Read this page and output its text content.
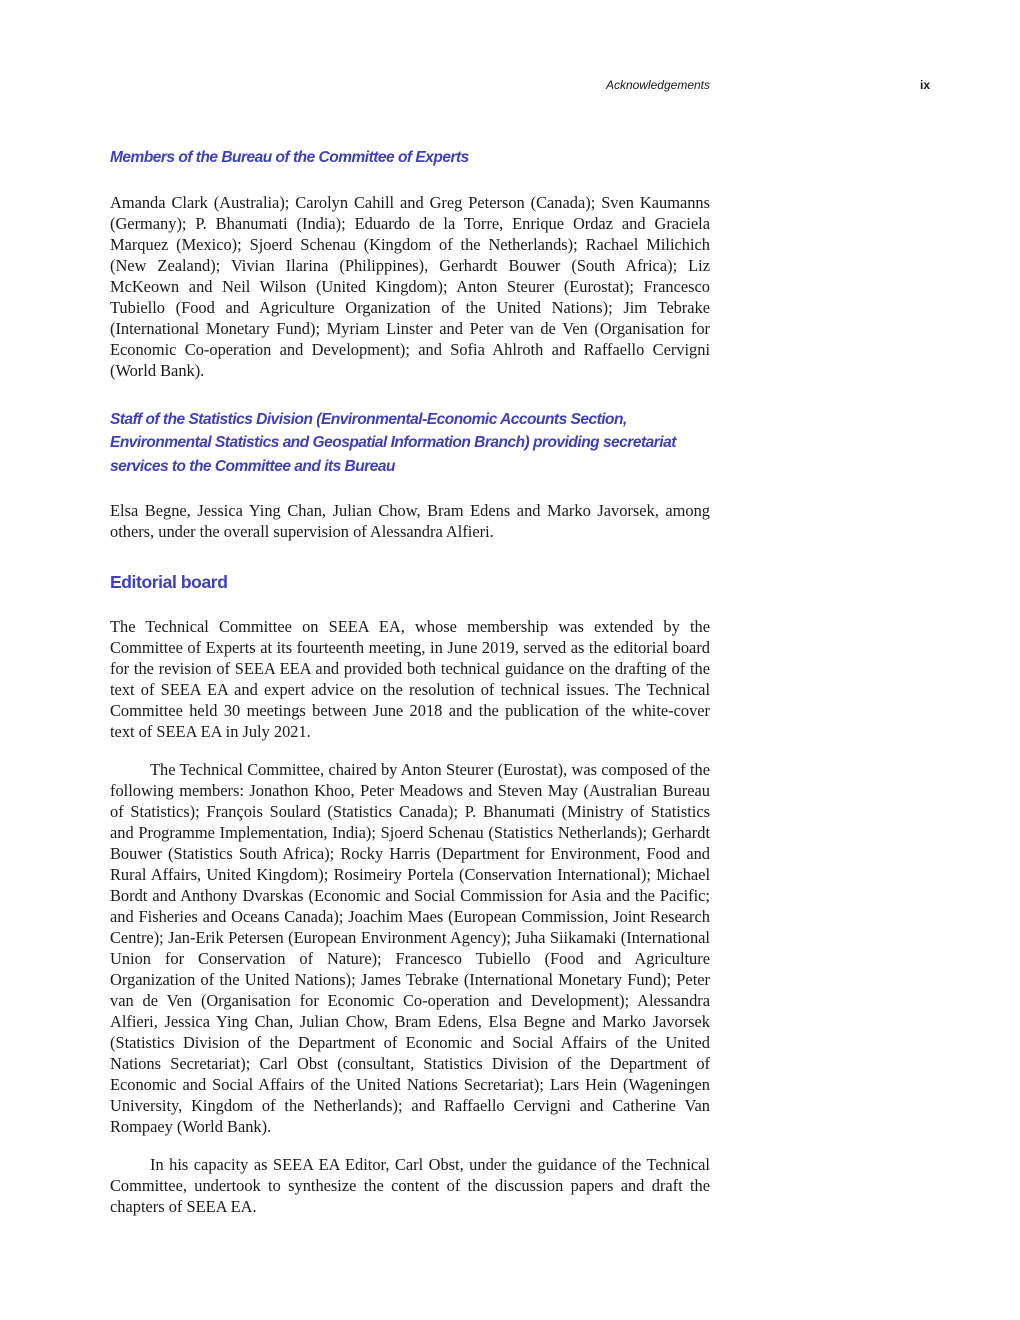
Acknowledgements	ix
Members of the Bureau of the Committee of Experts

Amanda Clark (Australia); Carolyn Cahill and Greg Peterson (Canada); Sven Kaumanns (Germany); P. Bhanumati (India); Eduardo de la Torre, Enrique Ordaz and Graciela Marquez (Mexico); Sjoerd Schenau (Kingdom of the Netherlands); Rachael Milichich (New Zealand); Vivian Ilarina (Philippines), Gerhardt Bouwer (South Africa); Liz McKeown and Neil Wilson (United Kingdom); Anton Steurer (Eurostat); Francesco Tubiello (Food and Agriculture Organization of the United Nations); Jim Tebrake (International Monetary Fund); Myriam Linster and Peter van de Ven (Organisation for Economic Co-operation and Development); and Sofia Ahlroth and Raffaello Cervigni (World Bank).

Staff of the Statistics Division (Environmental-Economic Accounts Section, Environmental Statistics and Geospatial Information Branch) providing secretariat services to the Committee and its Bureau

Elsa Begne, Jessica Ying Chan, Julian Chow, Bram Edens and Marko Javorsek, among others, under the overall supervision of Alessandra Alfieri.

Editorial board

The Technical Committee on SEEA EA, whose membership was extended by the Committee of Experts at its fourteenth meeting, in June 2019, served as the editorial board for the revision of SEEA EEA and provided both technical guidance on the drafting of the text of SEEA EA and expert advice on the resolution of technical issues. The Technical Committee held 30 meetings between June 2018 and the publication of the white-cover text of SEEA EA in July 2021.

The Technical Committee, chaired by Anton Steurer (Eurostat), was composed of the following members: Jonathon Khoo, Peter Meadows and Steven May (Australian Bureau of Statistics); François Soulard (Statistics Canada); P. Bhanumati (Ministry of Statistics and Programme Implementation, India); Sjoerd Schenau (Statistics Netherlands); Gerhardt Bouwer (Statistics South Africa); Rocky Harris (Department for Environment, Food and Rural Affairs, United Kingdom); Rosimeiry Portela (Conservation International); Michael Bordt and Anthony Dvarskas (Economic and Social Commission for Asia and the Pacific; and Fisheries and Oceans Canada); Joachim Maes (European Commission, Joint Research Centre); Jan-Erik Petersen (European Environment Agency); Juha Siikamaki (International Union for Conservation of Nature); Francesco Tubiello (Food and Agriculture Organization of the United Nations); James Tebrake (International Monetary Fund); Peter van de Ven (Organisation for Economic Co-operation and Development); Alessandra Alfieri, Jessica Ying Chan, Julian Chow, Bram Edens, Elsa Begne and Marko Javorsek (Statistics Division of the Department of Economic and Social Affairs of the United Nations Secretariat); Carl Obst (consultant, Statistics Division of the Department of Economic and Social Affairs of the United Nations Secretariat); Lars Hein (Wageningen University, Kingdom of the Netherlands); and Raffaello Cervigni and Catherine Van Rompaey (World Bank).

In his capacity as SEEA EA Editor, Carl Obst, under the guidance of the Technical Committee, undertook to synthesize the content of the discussion papers and draft the chapters of SEEA EA.
